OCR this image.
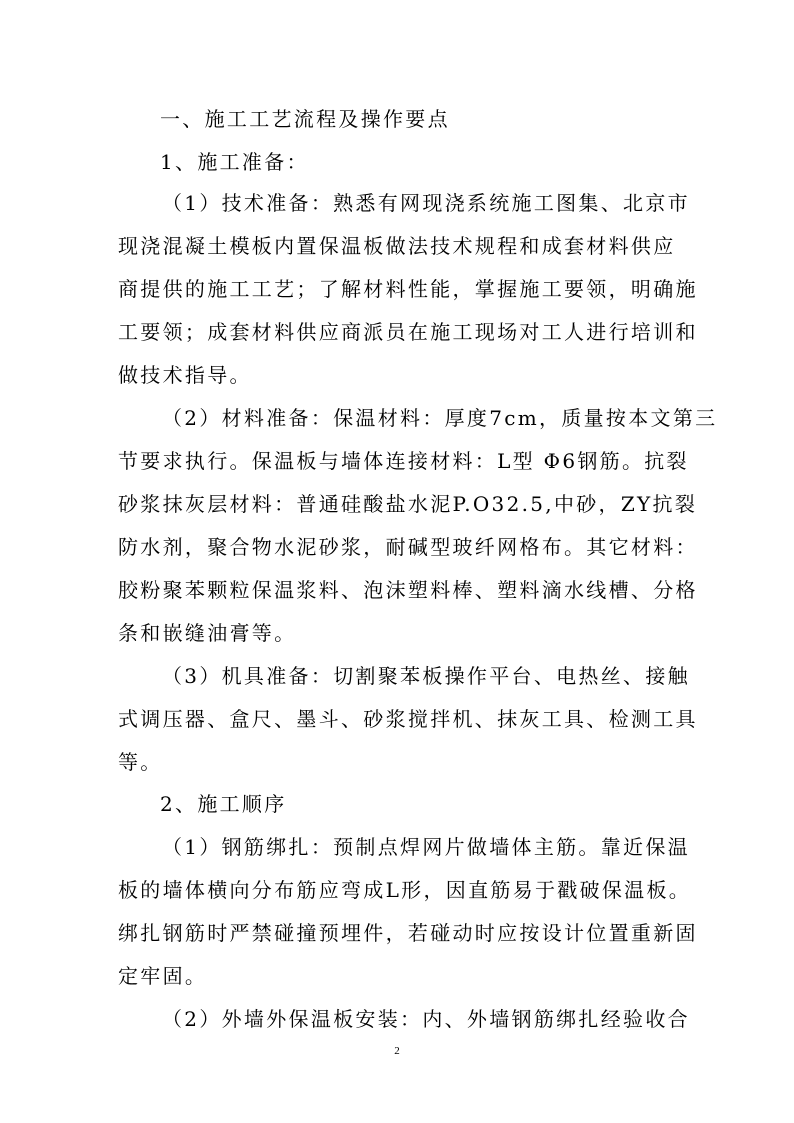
一、施工工艺流程及操作要点
1、施工准备：
（1）技术准备：熟悉有网现浇系统施工图集、北京市
现浇混凝土模板内置保温板做法技术规程和成套材料供应
商提供的施工工艺；了解材料性能，掌握施工要领，明确施
工要领；成套材料供应商派员在施工现场对工人进行培训和
做技术指导。
（2）材料准备：保温材料：厚度7cm，质量按本文第三
节要求执行。保温板与墙体连接材料：L型 Φ6钢筋。抗裂
砂浆抹灰层材料：普通硅酸盐水泥P.O32.5,中砂，ZY抗裂
防水剂，聚合物水泥砂浆，耐碱型玻纤网格布。其它材料：
胶粉聚苯颗粒保温浆料、泡沫塑料棒、塑料滴水线槽、分格
条和嵌缝油膏等。
（3）机具准备：切割聚苯板操作平台、电热丝、接触
式调压器、盒尺、墨斗、砂浆搅拌机、抹灰工具、检测工具
等。
2、施工顺序
（1）钢筋绑扎：预制点焊网片做墙体主筋。靠近保温
板的墙体横向分布筋应弯成L形，因直筋易于戳破保温板。
绑扎钢筋时严禁碰撞预埋件，若碰动时应按设计位置重新固
定牢固。
（2）外墙外保温板安装：内、外墙钢筋绑扎经验收合
2
